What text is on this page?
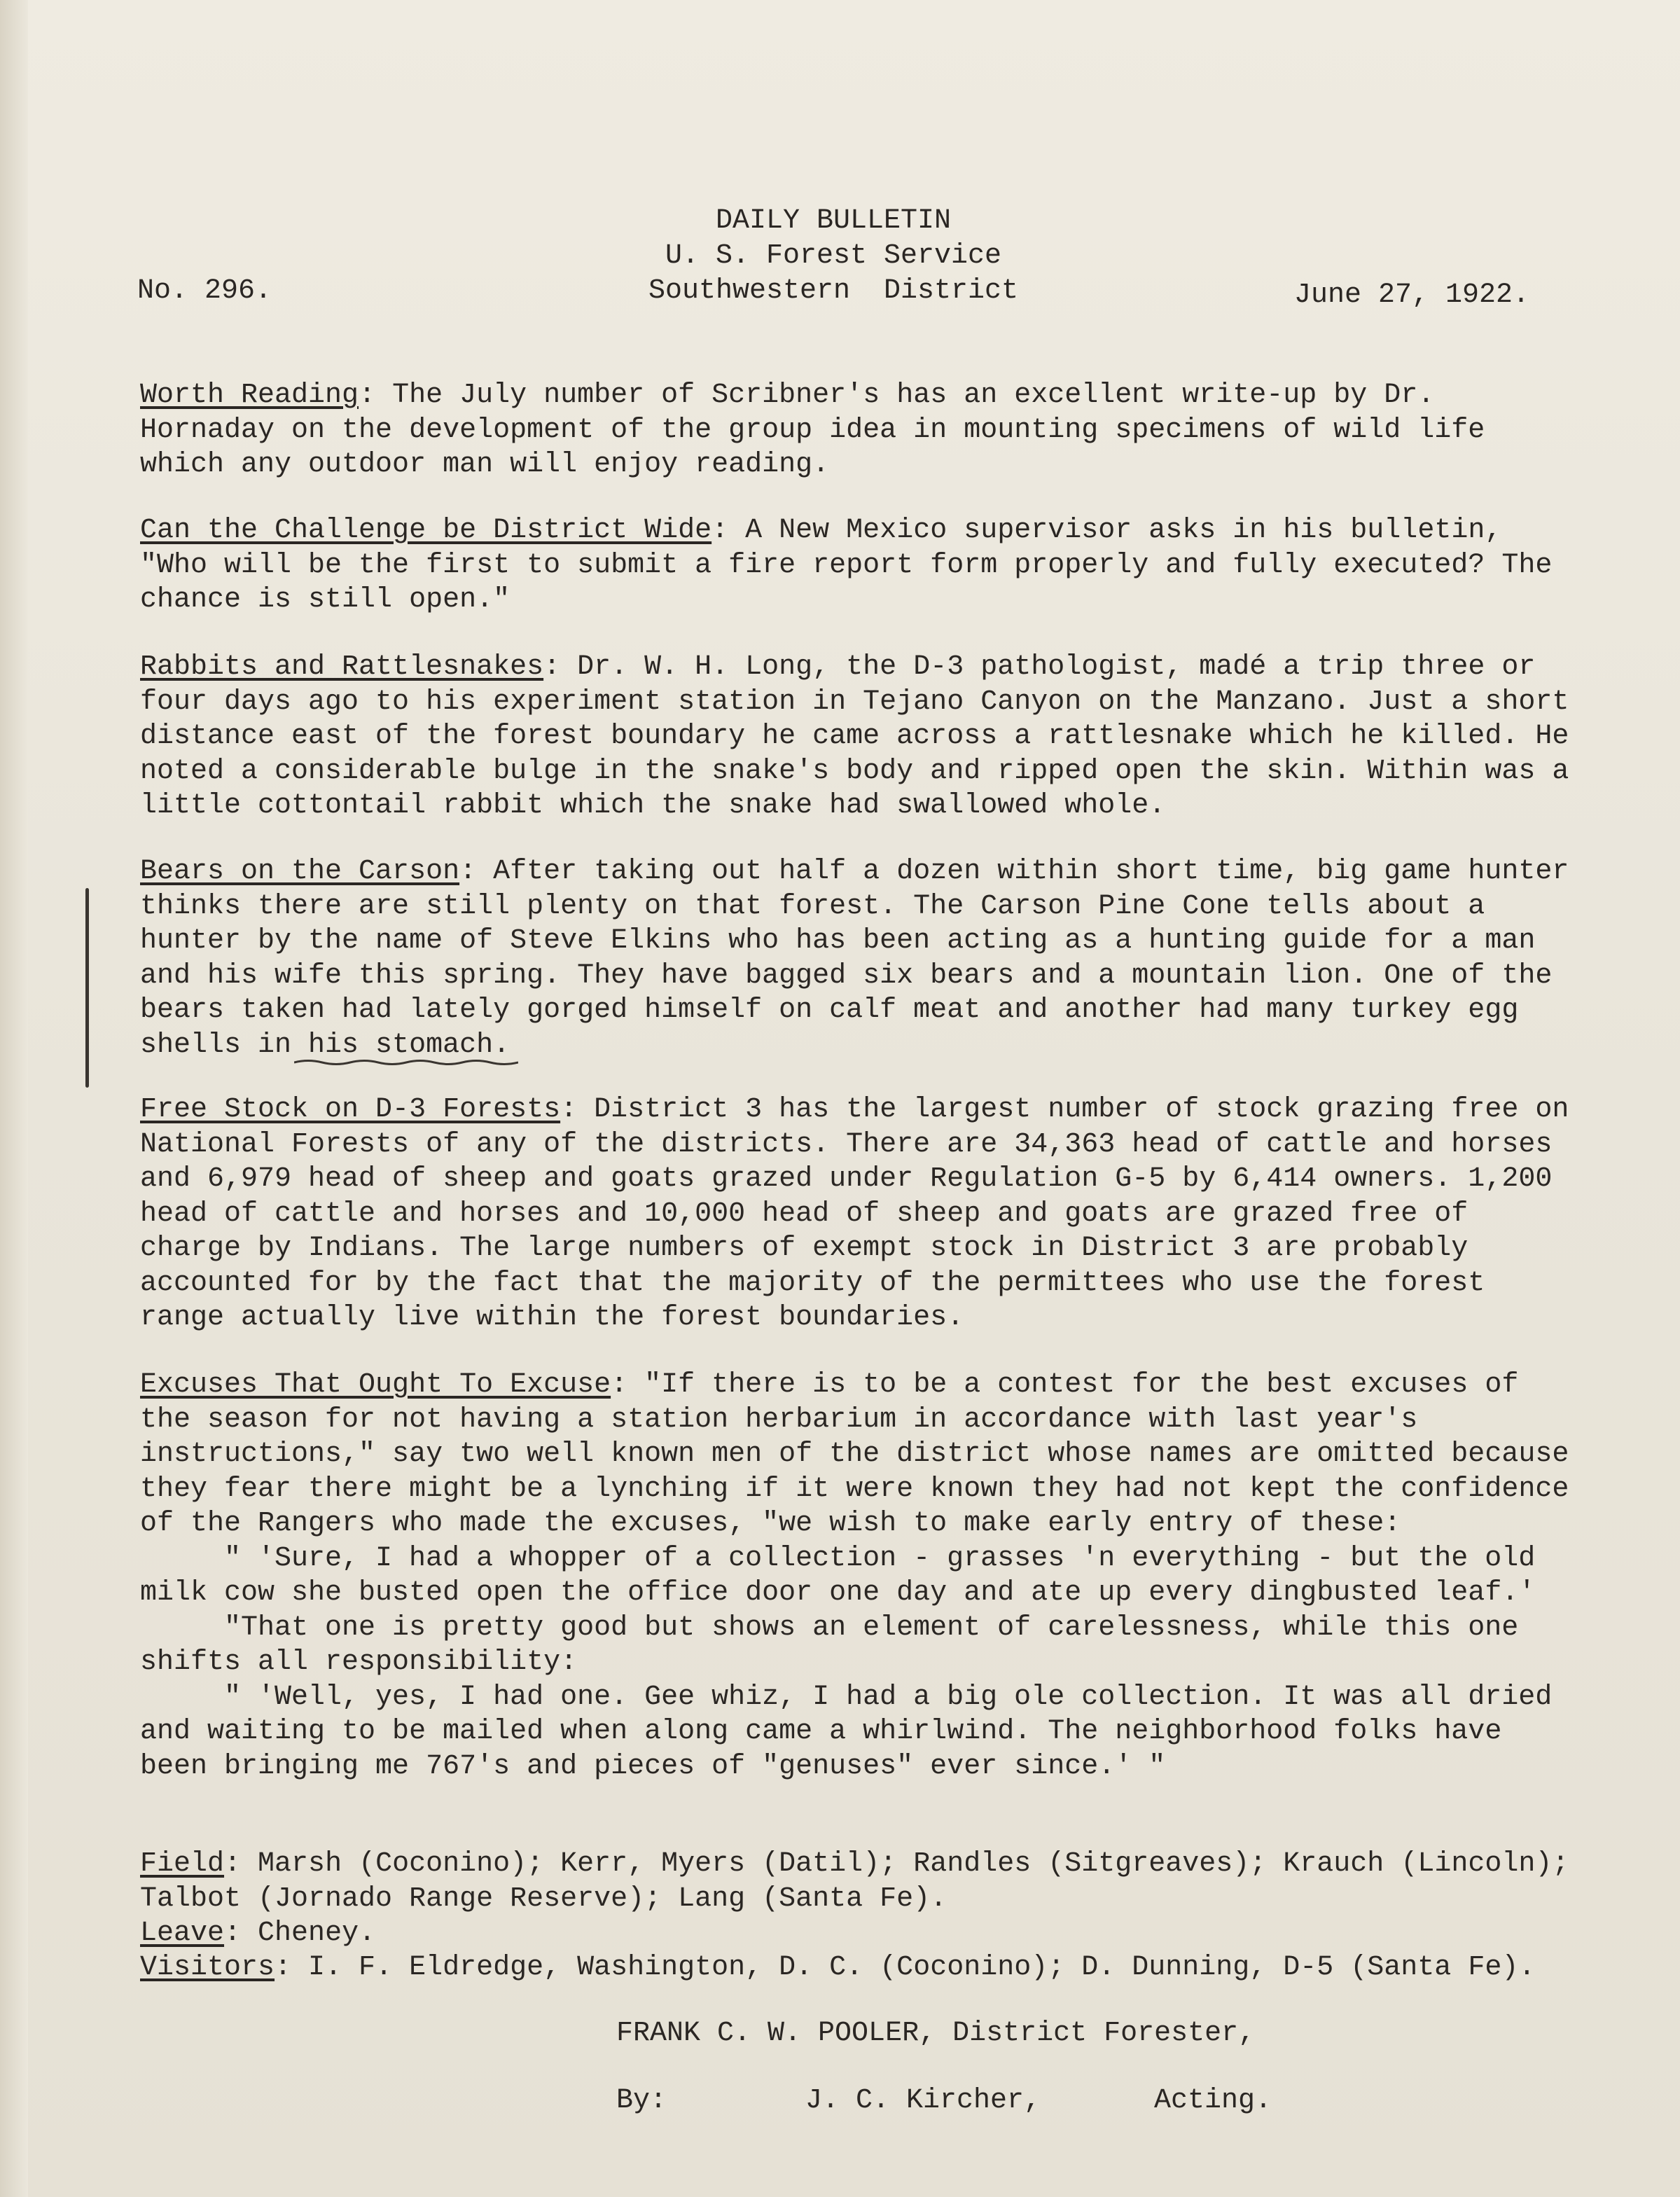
DAILY BULLETIN
U. S. Forest Service
No. 296.	Southwestern  District	June 27, 1922.
Worth Reading: The July number of Scribner's has an excellent write-up by Dr. Hornaday on the development of the group idea in mounting specimens of wild life which any outdoor man will enjoy reading.
Can the Challenge be District Wide: A New Mexico supervisor asks in his bulletin, "Who will be the first to submit a fire report form properly and fully executed? The chance is still open."
Rabbits and Rattlesnakes: Dr. W. H. Long, the D-3 pathologist, madé a trip three or four days ago to his experiment station in Tejano Canyon on the Manzano. Just a short distance east of the forest boundary he came across a rattlesnake which he killed. He noted a considerable bulge in the snake's body and ripped open the skin. Within was a little cottontail rabbit which the snake had swallowed whole.
Bears on the Carson: After taking out half a dozen within short time, big game hunter thinks there are still plenty on that forest. The Carson Pine Cone tells about a hunter by the name of Steve Elkins who has been acting as a hunting guide for a man and his wife this spring. They have bagged six bears and a mountain lion. One of the bears taken had lately gorged himself on calf meat and another had many turkey egg shells in his stomach.
Free Stock on D-3 Forests: District 3 has the largest number of stock grazing free on National Forests of any of the districts. There are 34,363 head of cattle and horses and 6,979 head of sheep and goats grazed under Regulation G-5 by 6,414 owners. 1,200 head of cattle and horses and 10,000 head of sheep and goats are grazed free of charge by Indians. The large numbers of exempt stock in District 3 are probably accounted for by the fact that the majority of the permittees who use the forest range actually live within the forest boundaries.
Excuses That Ought To Excuse: "If there is to be a contest for the best excuses of the season for not having a station herbarium in accordance with last year's instructions," say two well known men of the district whose names are omitted because they fear there might be a lynching if it were known they had not kept the confidence of the Rangers who made the excuses, "we wish to make early entry of these:
" 'Sure, I had a whopper of a collection - grasses 'n everything - but the old milk cow she busted open the office door one day and ate up every dingbusted leaf.'
"That one is pretty good but shows an element of carelessness, while this one shifts all responsibility:
" 'Well, yes, I had one. Gee whiz, I had a big ole collection. It was all dried and waiting to be mailed when along came a whirlwind. The neighborhood folks have been bringing me 767's and pieces of "genuses" ever since.' "
Field: Marsh (Coconino); Kerr, Myers (Datil); Randles (Sitgreaves); Krauch (Lincoln); Talbot (Jornado Range Reserve); Lang (Santa Fe).
Leave: Cheney.
Visitors: I. F. Eldredge, Washington, D. C. (Coconino); D. Dunning, D-5 (Santa Fe).
FRANK C. W. POOLER, District Forester,
By:	J. C. Kircher,	Acting.
